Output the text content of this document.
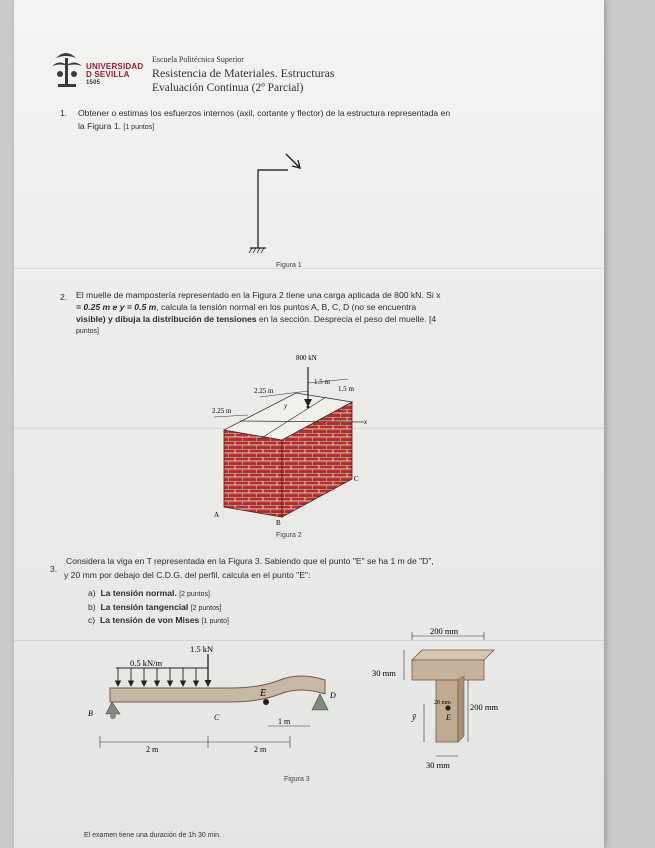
UNIVERSIDAD
D SEVILLA
1505
Escuela Politécnica Superior
Resistencia de Materiales. Estructuras
Evaluación Continua (2º Parcial)
1. Obtener o estimas los esfuerzos internos (axil, cortante y flector) de la estructura representada en
la Figura 1. [1 puntos]
Figura 1
2. El muelle de mampostería representado en la Figura 2 tiene una carga aplicada de 800 kN. Si x
= 0.25 m e y = 0.5 m, calcula la tensión normal en los puntos A, B, C, D (no se encuentra
visible) y dibuja la distribución de tensiones en la sección. Desprecia el peso del muelle. [4
puntos]
800 kN
2.25 m
1.5 m
1.5 m
2.25 m
x
y
A
B
C
Figura 2
3.
Considera la viga en T representada en la Figura 3. Sabiendo que el punto "E" se ha 1 m de "D",
y 20 mm por debajo del C.D.G. del perfil, calcula en el punto "E":
a) La tensión normal. [2 puntos]
b) La tensión tangencial [2 puntos]
c) La tensión de von Mises [1 punto]
0.5 kN/m
1.5 kN
B	C
D
E
1 m
2 m	2 m
200 mm
30 mm
200 mm
30 mm
20 mm
ȳ	E
Figura 3
El examen tiene una duración de 1h 30 min.
